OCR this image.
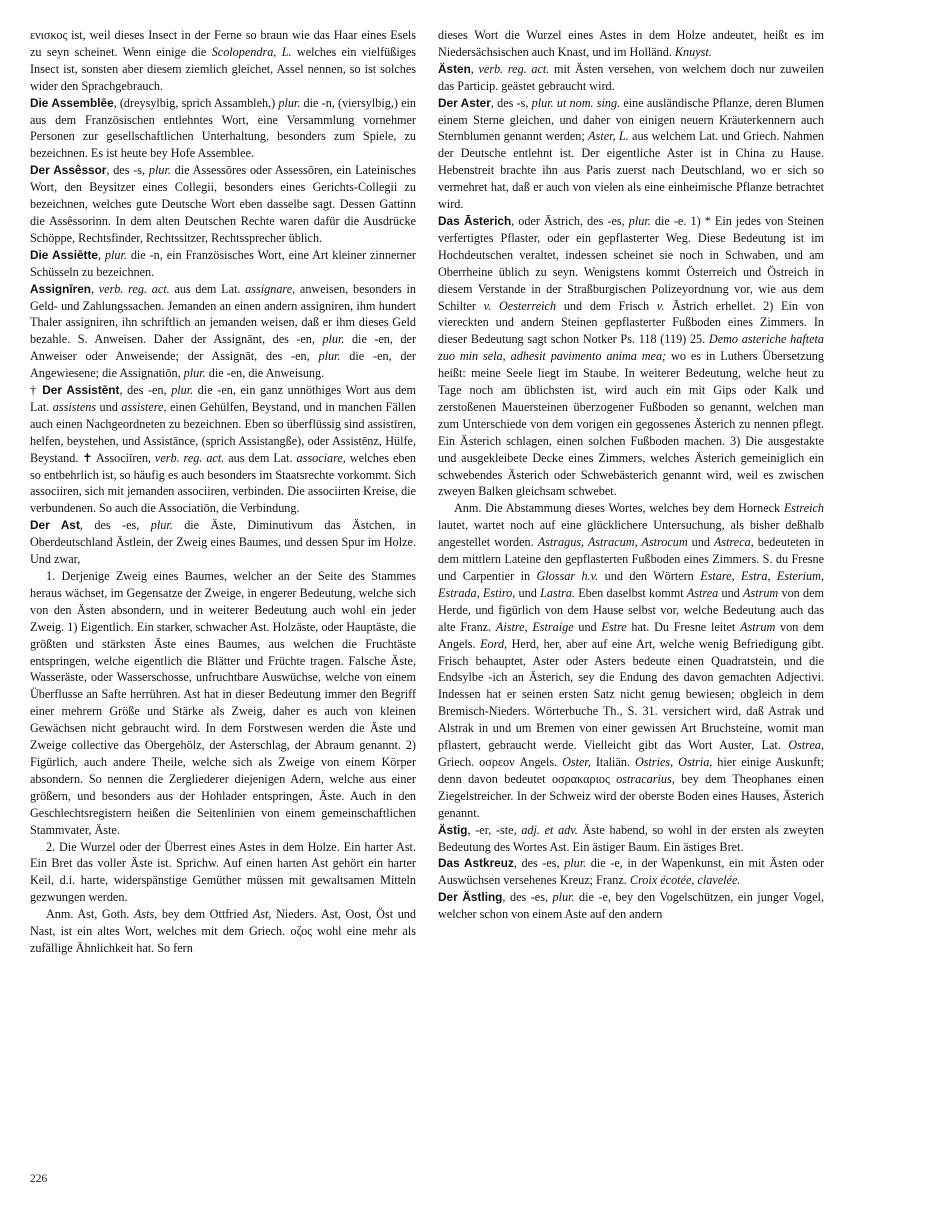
ενισκος ist, weil dieses Insect in der Ferne so braun wie das Haar eines Esels zu seyn scheinet. Wenn einige die Scolopendra, L. welches ein vielfüßiges Insect ist, sonsten aber diesem ziemlich gleichet, Assel nennen, so ist solches wider den Sprachgebrauch.

Die Assemblēe, (dreysylbig, sprich Assambleh,) plur. die -n, (viersylbig,) ein aus dem Französischen entlehntes Wort, eine Versammlung vornehmer Personen zur gesellschaftlichen Unterhaltung, besonders zum Spiele, zu bezeichnen. Es ist heute bey Hofe Assemblee.

Der Assêssor, des -s, plur. die Assessōres oder Assessōren, ein Lateinisches Wort, den Beysitzer eines Collegii, besonders eines Gerichts-Collegii zu bezeichnen, welches gute Deutsche Wort eben dasselbe sagt. Dessen Gattinn die Assêssorinn. In dem alten Deutschen Rechte waren dafür die Ausdrücke Schöppe, Rechtsfinder, Rechtssitzer, Rechtssprecher üblich.

Die Assiētte, plur. die -n, ein Französisches Wort, eine Art kleiner zinnerner Schüsseln zu bezeichnen.

Assignīren, verb. reg. act. aus dem Lat. assignare, anweisen, besonders in Geld- und Zahlungssachen. Jemanden an einen andern assigniren, ihm hundert Thaler assigniren, ihn schriftlich an jemanden weisen, daß er ihm dieses Geld bezahle. S. Anweisen. Daher der Assignānt, des -en, plur. die -en, der Anweiser oder Anweisende; der Assignāt, des -en, plur. die -en, der Angewiesene; die Assignatiōn, plur. die -en, die Anweisung.

† Der Assistēnt, des -en, plur. die -en, ein ganz unnöthiges Wort aus dem Lat. assistens und assistere, einen Gehülfen, Beystand, und in manchen Fällen auch einen Nachgeordneten zu bezeichnen. Eben so überflüssig sind assistīren, helfen, beystehen, und Assistānce, (sprich Assistangße), oder Assistēnz, Hülfe, Beystand. ✝ Associīren, verb. reg. act. aus dem Lat. associare, welches eben so entbehrlich ist, so häufig es auch besonders im Staatsrechte vorkommt. Sich associiren, sich mit jemanden associiren, verbinden. Die associirten Kreise, die verbundenen. So auch die Associatiōn, die Verbindung.

Der Ast, des -es, plur. die Äste, Diminutivum das Ästchen, in Oberdeutschland Ästlein, der Zweig eines Baumes, und dessen Spur im Holze. Und zwar,

1. Derjenige Zweig eines Baumes, welcher an der Seite des Stammes heraus wächset, im Gegensatze der Zweige, in engerer Bedeutung, welche sich von den Ästen absondern, und in weiterer Bedeutung auch wohl ein jeder Zweig. 1) Eigentlich. Ein starker, schwacher Ast. Holzäste, oder Hauptäste, die größten und stärksten Äste eines Baumes, aus welchen die Fruchtäste entspringen, welche eigentlich die Blätter und Früchte tragen. Falsche Äste, Wasseräste, oder Wasserschosse, unfruchtbare Auswüchse, welche von einem Überflusse an Safte herrühren. Ast hat in dieser Bedeutung immer den Begriff einer mehrern Größe und Stärke als Zweig, daher es auch von kleinen Gewächsen nicht gebraucht wird. In dem Forstwesen werden die Äste und Zweige collective das Obergehölz, der Asterschlag, der Abraum genannt. 2) Figürlich, auch andere Theile, welche sich als Zweige von einem Körper absondern. So nennen die Zergliederer diejenigen Adern, welche aus einer größern, und besonders aus der Hohlader entspringen, Äste. Auch in den Geschlechtsregistern heißen die Seitenlinien von einem gemeinschaftlichen Stammvater, Äste.

2. Die Wurzel oder der Überrest eines Astes in dem Holze. Ein harter Ast. Ein Bret das voller Äste ist. Sprichw. Auf einen harten Ast gehört ein harter Keil, d.i. harte, widerspänstige Gemüther müssen mit gewaltsamen Mitteln gezwungen werden.

Anm. Ast, Goth. Asts, bey dem Ottfried Ast, Nieders. Ast, Oost, Öst und Nast, ist ein altes Wort, welches mit dem Griech. οζος wohl eine mehr als zufällige Ähnlichkeit hat. So fern

dieses Wort die Wurzel eines Astes in dem Holze andeutet, heißt es im Niedersächsischen auch Knast, und im Holländ. Knuyst.

Ästen, verb. reg. act. mit Ästen versehen, von welchem doch nur zuweilen das Particip. geästet gebraucht wird.

Der Aster, des -s, plur. ut nom. sing. eine ausländische Pflanze, deren Blumen einem Sterne gleichen, und daher von einigen neuern Kräuterkennern auch Sternblumen genannt werden; Aster, L. aus welchem Lat. und Griech. Nahmen der Deutsche entlehnt ist. Der eigentliche Aster ist in China zu Hause. Hebenstreit brachte ihn aus Paris zuerst nach Deutschland, wo er sich so vermehret hat, daß er auch von vielen als eine einheimische Pflanze betrachtet wird.

Das Āsterich, oder Āstrich, des -es, plur. die -e. 1) * Ein jedes von Steinen verfertigtes Pflaster, oder ein gepflasterter Weg. Diese Bedeutung ist im Hochdeutschen veraltet, indessen scheinet sie noch in Schwaben, und am Oberrheine üblich zu seyn. Wenigstens kommt Österreich und Östreich in diesem Verstande in der Straßburgischen Polizeyordnung vor, wie aus dem Schilter v. Oesterreich und dem Frisch v. Āstrich erhellet. 2) Ein von viereckten und andern Steinen gepflasterter Fußboden eines Zimmers. In dieser Bedeutung sagt schon Notker Ps. 118 (119) 25. Demo asteriche hafteta zuo min sela, adhesit pavimento anima mea; wo es in Luthers Übersetzung heißt: meine Seele liegt im Staube. In weiterer Bedeutung, welche heut zu Tage noch am üblichsten ist, wird auch ein mit Gips oder Kalk und zerstoßenen Mauersteinen überzogener Fußboden so genannt, welchen man zum Unterschiede von dem vorigen ein gegossenes Ästerich zu nennen pflegt. Ein Ästerich schlagen, einen solchen Fußboden machen. 3) Die ausgestakte und ausgekleibete Decke eines Zimmers, welches Ästerich gemeiniglich ein schwebendes Ästerich oder Schwebästerich genannt wird, weil es zwischen zweyen Balken gleichsam schwebet.

Anm. Die Abstammung dieses Wortes, welches bey dem Horneck Estreich lautet, wartet noch auf eine glücklichere Untersuchung, als bisher deßhalb angestellet worden. Astragus, Astracum, Astrocum und Astreca, bedeuteten in dem mittlern Lateine den gepflasterten Fußboden eines Zimmers. S. du Fresne und Carpentier in Glossar h.v. und den Wörtern Estare, Estra, Esterium, Estrada, Estiro, und Lastra. Eben daselbst kommt Astrea und Astrum von dem Herde, und figürlich von dem Hause selbst vor, welche Bedeutung auch das alte Franz. Aistre, Estraige und Estre hat. Du Fresne leitet Astrum von dem Angels. Eord, Herd, her, aber auf eine Art, welche wenig Befriedigung gibt. Frisch behauptet, Aster oder Asters bedeute einen Quadratstein, und die Endsylbe -ich an Ästerich, sey die Endung des davon gemachten Adjectivi. Indessen hat er seinen ersten Satz nicht genug bewiesen; obgleich in dem Bremisch-Nieders. Wörterbuche Th., S. 31. versichert wird, daß Astrak und Alstrak in und um Bremen von einer gewissen Art Bruchsteine, womit man pflastert, gebraucht werde. Vielleicht gibt das Wort Auster, Lat. Ostrea, Griech. οσρεον Angels. Oster, Italiän. Ostries, Ostria, hier einige Auskunft; denn davon bedeutet οσρακαριος ostracarius, bey dem Theophanes einen Ziegelstreicher. In der Schweiz wird der oberste Boden eines Hauses, Ästerich genannt.

Ästig, -er, -ste, adj. et adv. Äste habend, so wohl in der ersten als zweyten Bedeutung des Wortes Ast. Ein ästiger Baum. Ein ästiges Bret.

Das Astkreuz, des -es, plur. die -e, in der Wapenkunst, ein mit Ästen oder Auswüchsen versehenes Kreuz; Franz. Croix écotée, clavelée.

Der Ästling, des -es, plur. die -e, bey den Vogelschützen, ein junger Vogel, welcher schon von einem Aste auf den andern

226
